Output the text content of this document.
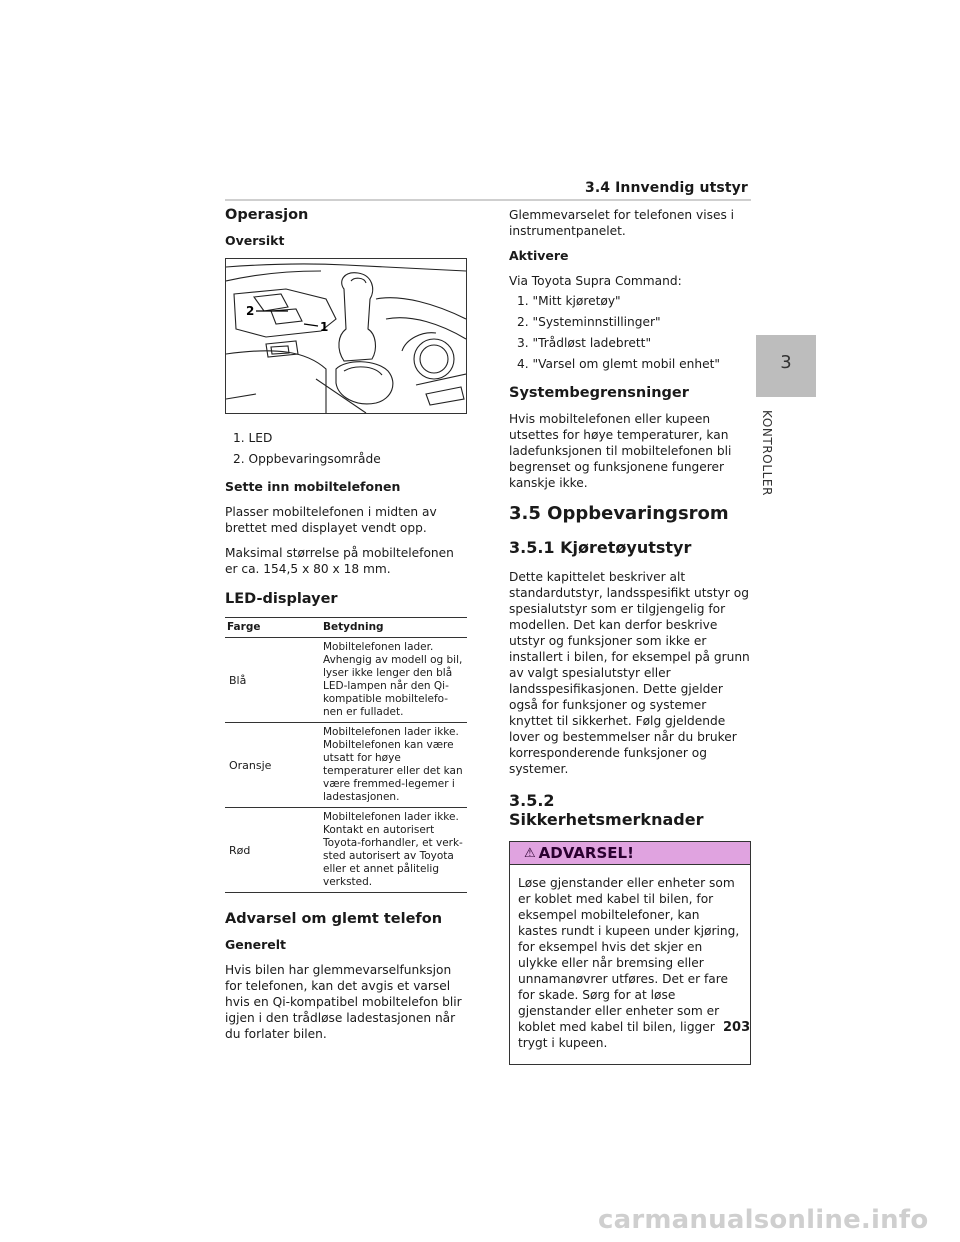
3.4 Innvendig utstyr
3
KONTROLLER
Operasjon
Oversikt
2
1
1. LED
2. Oppbevaringsområde
Sette inn mobiltelefonen

Plasser mobiltelefonen i midten av brettet med displayet vendt opp.

Maksimal størrelse på mobiltelefonen er ca. 154,5 x 80 x 18 mm.

LED-displayer
Farge	Betydning
Blå	Mobiltelefonen lader. Avhengig av modell og bil, lyser ikke lenger den blå LED-lampen når den Qi-kompatible mobiltelefo-nen er fulladet.
Oransje	Mobiltelefonen lader ikke. Mobiltelefonen kan være utsatt for høye temperaturer eller det kan være fremmed-legemer i ladestasjonen.
Rød	Mobiltelefonen lader ikke. Kontakt en autorisert Toyota-forhandler, et verk-sted autorisert av Toyota eller et annet pålitelig verksted.
Advarsel om glemt telefon
Generelt

Hvis bilen har glemmevarselfunksjon for telefonen, kan det avgis et varsel hvis en Qi-kompatibel mobiltelefon blir igjen i den trådløse ladestasjonen når du forlater bilen.

Glemmevarselet for telefonen vises i instrumentpanelet.

Aktivere

Via Toyota Supra Command:

1. "Mitt kjøretøy"
2. "Systeminnstillinger"
3. "Trådløst ladebrett"
4. "Varsel om glemt mobil enhet"
Systembegrensninger

Hvis mobiltelefonen eller kupeen utsettes for høye temperaturer, kan ladefunksjonen til mobiltelefonen bli begrenset og funksjonene fungerer kanskje ikke.

3.5 Oppbevaringsrom
3.5.1 Kjøretøyutstyr

Dette kapittelet beskriver alt standardutstyr, landsspesifikt utstyr og spesialutstyr som er tilgjengelig for modellen. Det kan derfor beskrive utstyr og funksjoner som ikke er installert i bilen, for eksempel på grunn av valgt spesialutstyr eller landsspesifikasjonen. Dette gjelder også for funksjoner og systemer knyttet til sikkerhet. Følg gjeldende lover og bestemmelser når du bruker korresponderende funksjoner og systemer.

3.5.2 Sikkerhetsmerknader
⚠ ADVARSEL!

Løse gjenstander eller enheter som er koblet med kabel til bilen, for eksempel mobiltelefoner, kan kastes rundt i kupeen under kjøring, for eksempel hvis det skjer en ulykke eller når bremsing eller unnamanøvrer utføres. Det er fare for skade. Sørg for at løse gjenstander eller enheter som er koblet med kabel til bilen, ligger trygt i kupeen.

203
carmanualsonline.info
